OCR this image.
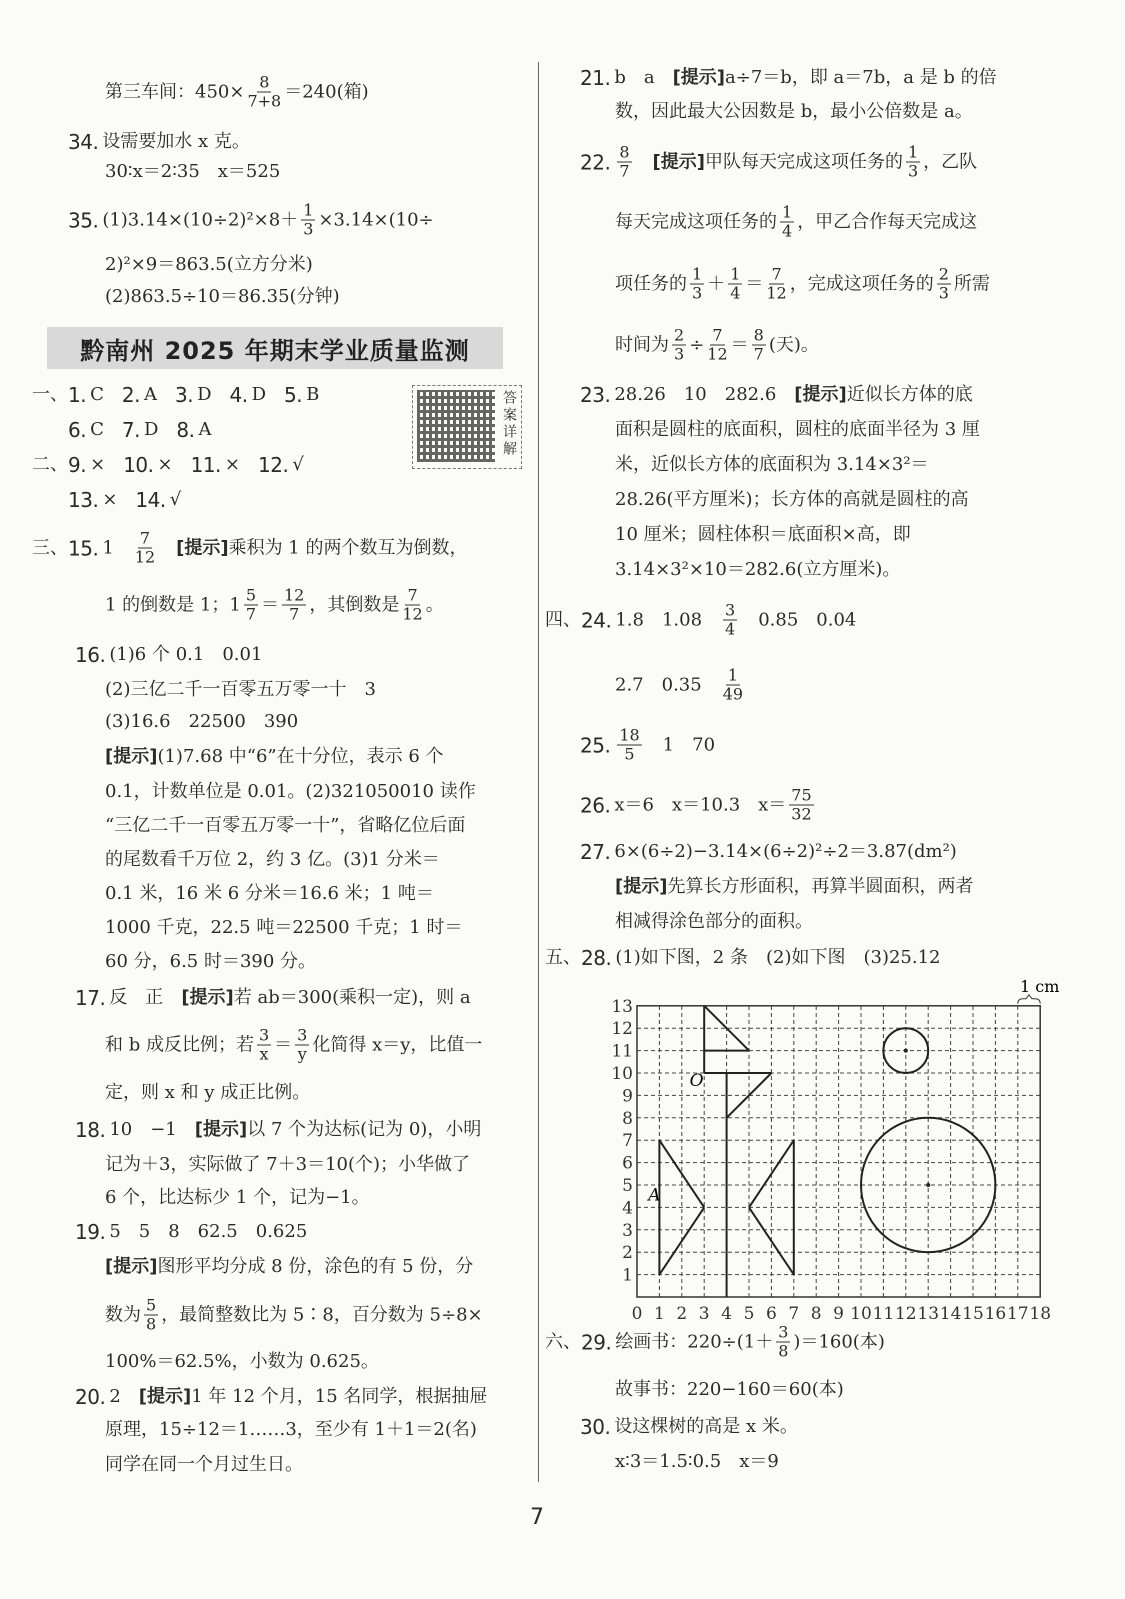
黔南州 2025 年期末学业质量监测
答案详解
第三车间：$450\times \frac{8}{7+8} =240$(箱)
34. 设需要加水 x 克。
30∶x＝2∶35　x＝525
35. $(1)3.14\times(10\div 2)^2\times 8+ \frac{1}{3} \times 3.14\times(10\div$
2)²×9＝863.5(立方分米)
(2)863.5÷10＝86.35(分钟)
一、 1. C　 2. A　 3. D　 4. D　 5. B
6. C　 7. D　 8. A
二、 9. ×　 10. ×　 11. ×　 12. √
13. ×　 14. √
三、 15. 1　 $\frac{7}{12}$
　 [提示] 乘积为 1 的两个数互为倒数，
1 的倒数是 1；$1 \frac{5}{7} = \frac{12}{7}$ ，其倒数是 $\frac{7}{12}$ 。
16. (1)6 个 0.1　0.01
(2)三亿二千一百零五万零一十　3
(3)16.6　22500　390
[提示] (1)7.68 中“6”在十分位，表示 6 个
0.1，计数单位是 0.01。(2)321050010 读作
“三亿二千一百零五万零一十”，省略亿位后面
的尾数看千万位 2，约 3 亿。(3)1 分米＝
0.1 米，16 米 6 分米＝16.6 米；1 吨＝
1000 千克，22.5 吨＝22500 千克；1 时＝
60 分，6.5 时＝390 分。
17. 反　正　 [提示] 若 ab＝300(乘积一定)，则 a
和 b 成反比例；若 $\frac{3}{x} = \frac{3}{y}$ 化简得 x＝y，比值一
定，则 x 和 y 成正比例。
18. 10　−1　 [提示] 以 7 个为达标(记为 0)，小明
记为＋3，实际做了 7＋3＝10(个)；小华做了
6 个，比达标少 1 个，记为−1。
19. 5　5　8　62.5　0.625
[提示] 图形平均分成 8 份，涂色的有 5 份，分
数为 $\frac{5}{8}$ ，最简整数比为 5∶8，百分数为 5÷8×
100%＝62.5%，小数为 0.625。
20. 2　 [提示] 1 年 12 个月，15 名同学，根据抽屉
原理，15÷12＝1……3，至少有 1＋1＝2(名)
同学在同一个月过生日。
21. b　a　 [提示] a÷7＝b，即 a＝7b，a 是 b 的倍
数，因此最大公因数是 b，最小公倍数是 a。
22. $\frac{8}{7}$
　 [提示] 甲队每天完成这项任务的 $\frac{1}{3}$ ，乙队
每天完成这项任务的 $\frac{1}{4}$ ，甲乙合作每天完成这
项任务的 $\frac{1}{3} + \frac{1}{4} = \frac{7}{12}$ ，完成这项任务的 $\frac{2}{3}$ 所需
时间为 $\frac{2}{3} \div \frac{7}{12} = \frac{8}{7}$ (天)。
23. 28.26　10　282.6　 [提示] 近似长方体的底
面积是圆柱的底面积，圆柱的底面半径为 3 厘
米，近似长方体的底面积为 3.14×3²＝
28.26(平方厘米)；长方体的高就是圆柱的高
10 厘米；圆柱体积＝底面积×高，即
3.14×3²×10＝282.6(立方厘米)。
四、 24. 1.8　1.08　 $\frac{3}{4}$ 　0.85　0.04
2.7　0.35　 $\frac{1}{49}$
25. $\frac{18}{5}$ 　1　70
26. x＝6　x＝10.3　$x= \frac{75}{32}$
27. 6×(6÷2)−3.14×(6÷2)²÷2＝3.87(dm²)
[提示] 先算长方形面积，再算半圆面积，两者
相减得涂色部分的面积。
五、 28. (1)如下图，2 条　(2)如下图　(3)25.12
六、 29. 绘画书：$220\div(1+ \frac{3}{8} )=160$(本)
故事书：220−160＝60(本)
30. 设这棵树的高是 x 米。
x∶3＝1.5∶0.5　x＝9
0 1 2 3 4 5 6 7 8 9 10 11 12 13 14 15 16 17 18
1
2
3
4
5
6
7
8
9
10
11
12
13
O
A
1 cm
7
